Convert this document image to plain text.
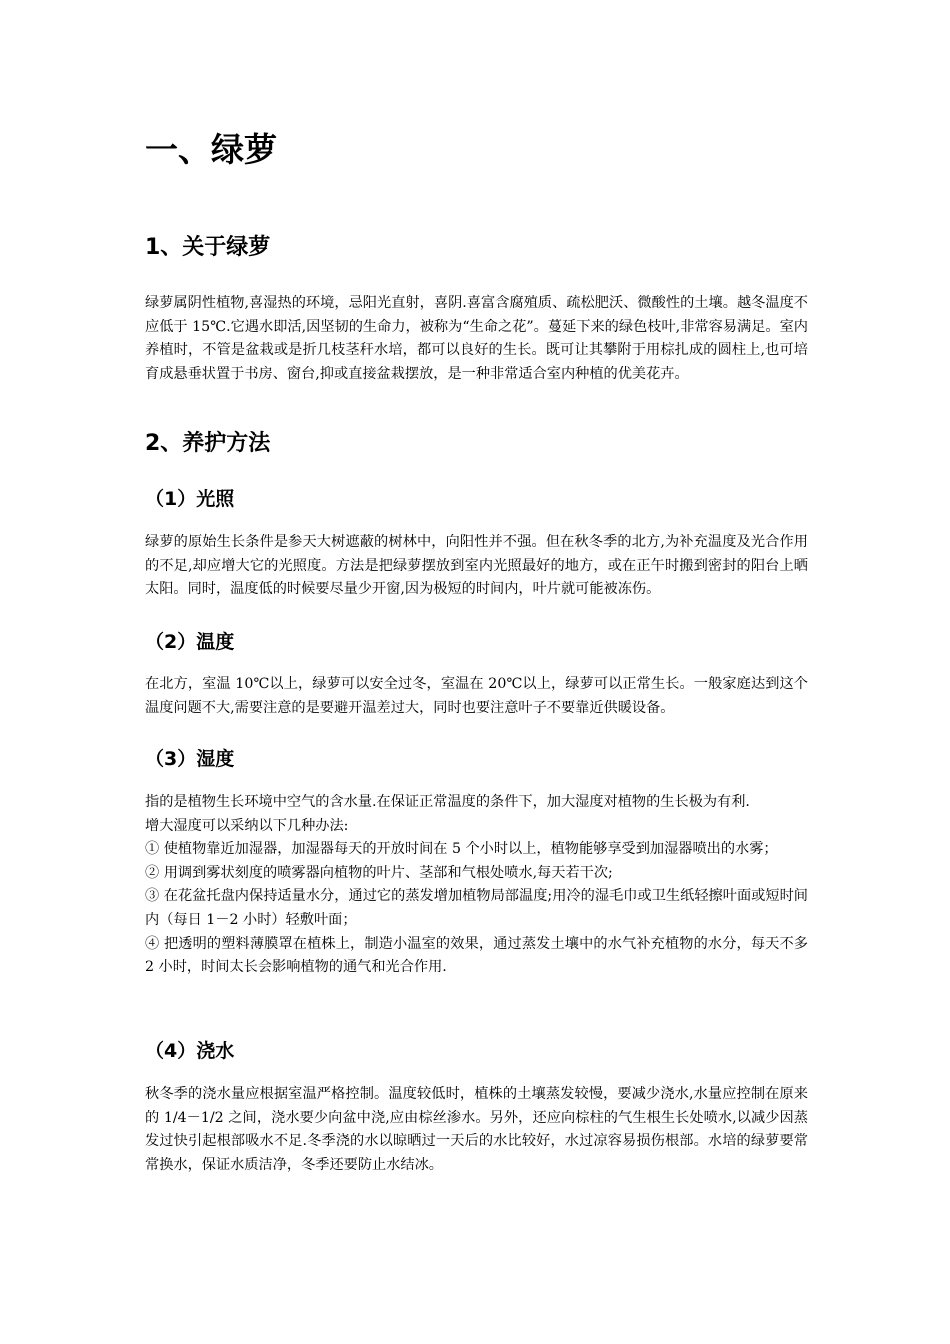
一、绿萝
1、关于绿萝

绿萝属阴性植物,喜湿热的环境，忌阳光直射，喜阴.喜富含腐殖质、疏松肥沃、微酸性的土壤。越冬温度不应低于 15℃.它遇水即活,因坚韧的生命力，被称为“生命之花”。蔓延下来的绿色枝叶,非常容易满足。室内养植时，不管是盆栽或是折几枝茎秆水培，都可以良好的生长。既可让其攀附于用棕扎成的圆柱上,也可培育成悬垂状置于书房、窗台,抑或直接盆栽摆放，是一种非常适合室内种植的优美花卉。

2、养护方法
（1）光照

绿萝的原始生长条件是参天大树遮蔽的树林中，向阳性并不强。但在秋冬季的北方,为补充温度及光合作用的不足,却应增大它的光照度。方法是把绿萝摆放到室内光照最好的地方，或在正午时搬到密封的阳台上晒太阳。同时，温度低的时候要尽量少开窗,因为极短的时间内，叶片就可能被冻伤。

（2）温度

在北方，室温 10℃以上，绿萝可以安全过冬，室温在 20℃以上，绿萝可以正常生长。一般家庭达到这个温度问题不大,需要注意的是要避开温差过大，同时也要注意叶子不要靠近供暖设备。

（3）湿度

指的是植物生长环境中空气的含水量.在保证正常温度的条件下，加大湿度对植物的生长极为有利.

增大湿度可以采纳以下几种办法:

① 使植物靠近加湿器，加湿器每天的开放时间在 5 个小时以上，植物能够享受到加湿器喷出的水雾；

② 用调到雾状刻度的喷雾器向植物的叶片、茎部和气根处喷水,每天若干次;

③ 在花盆托盘内保持适量水分，通过它的蒸发增加植物局部温度;用冷的湿毛巾或卫生纸轻擦叶面或短时间内（每日 1－2 小时）轻敷叶面；

④ 把透明的塑料薄膜罩在植株上，制造小温室的效果，通过蒸发土壤中的水气补充植物的水分，每天不多 2 小时，时间太长会影响植物的通气和光合作用.

（4）浇水

秋冬季的浇水量应根据室温严格控制。温度较低时，植株的土壤蒸发较慢，要减少浇水,水量应控制在原来的 1/4－1/2 之间，浇水要少向盆中浇,应由棕丝渗水。另外，还应向棕柱的气生根生长处喷水,以减少因蒸发过快引起根部吸水不足.冬季浇的水以晾晒过一天后的水比较好，水过凉容易损伤根部。水培的绿萝要常常换水，保证水质洁净，冬季还要防止水结冰。
